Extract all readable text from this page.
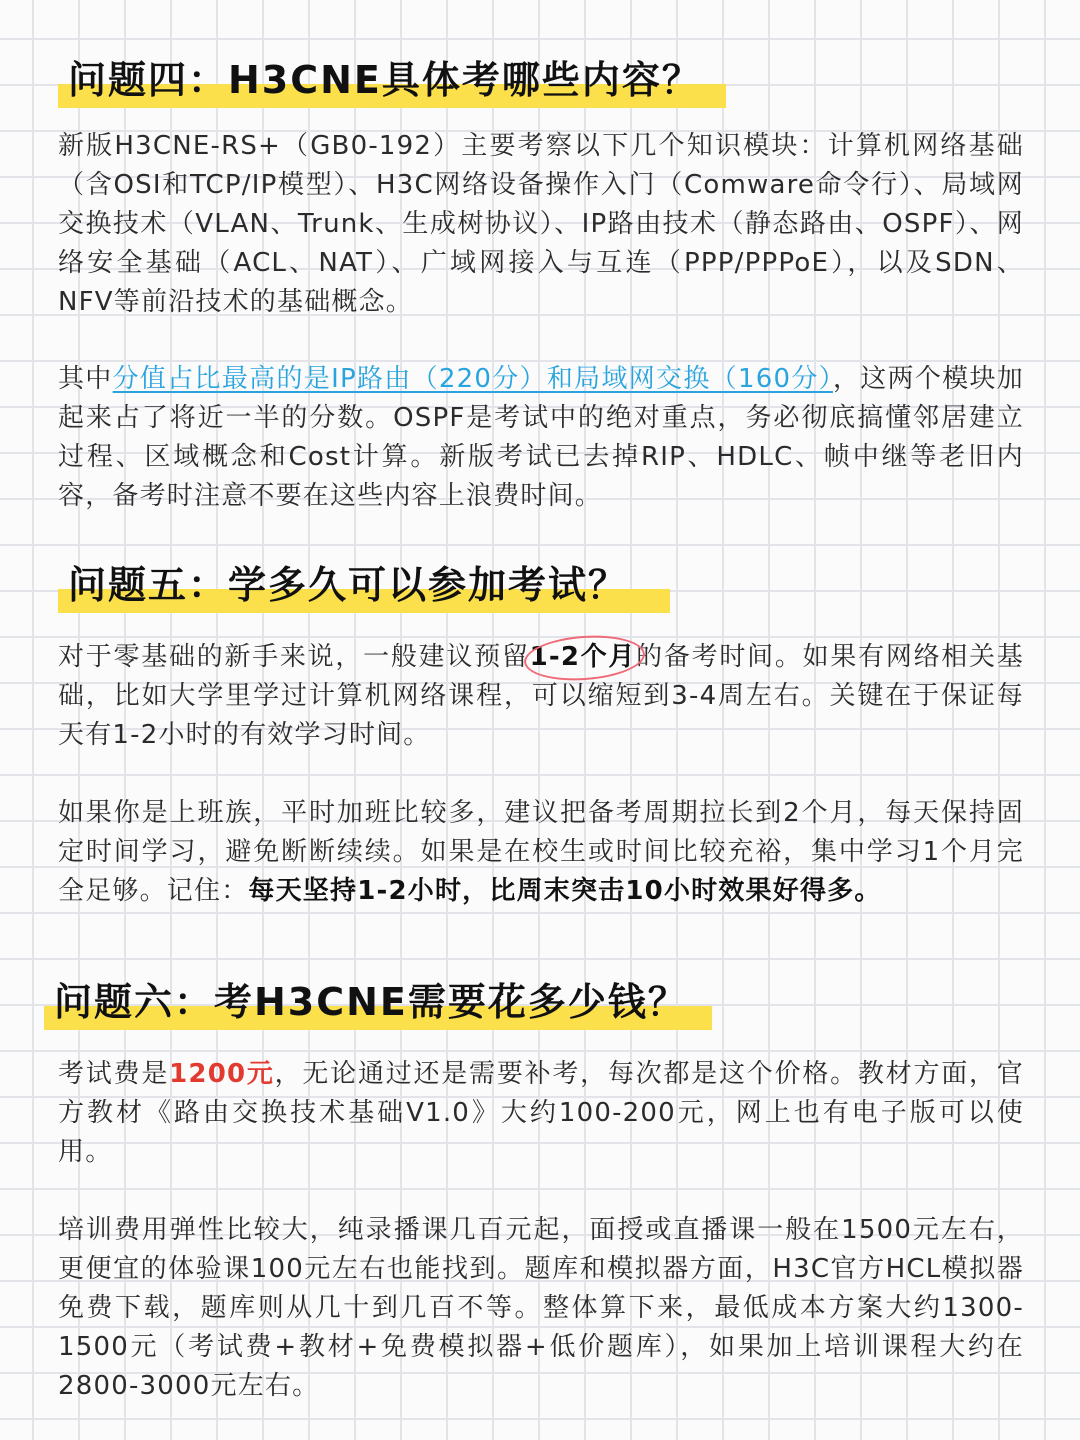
问题四：H3CNE具体考哪些内容？

新版H3CNE-RS+（GB0-192）主要考察以下几个知识模块：计算机网络基础（含OSI和TCP/IP模型）、H3C网络设备操作入门（Comware命令行）、局域网交换技术（VLAN、Trunk、生成树协议）、IP路由技术（静态路由、OSPF）、网络安全基础（ACL、NAT）、广域网接入与互连（PPP/PPPoE），以及SDN、NFV等前沿技术的基础概念。

其中分值占比最高的是IP路由（220分）和局域网交换（160分），这两个模块加起来占了将近一半的分数。OSPF是考试中的绝对重点，务必彻底搞懂邻居建立过程、区域概念和Cost计算。新版考试已去掉RIP、HDLC、帧中继等老旧内容，备考时注意不要在这些内容上浪费时间。

问题五：学多久可以参加考试？

对于零基础的新手来说，一般建议预留1-2个月的备考时间。如果有网络相关基础，比如大学里学过计算机网络课程，可以缩短到3-4周左右。关键在于保证每天有1-2小时的有效学习时间。

如果你是上班族，平时加班比较多，建议把备考周期拉长到2个月，每天保持固定时间学习，避免断断续续。如果是在校生或时间比较充裕，集中学习1个月完全足够。记住：每天坚持1-2小时，比周末突击10小时效果好得多。

问题六：考H3CNE需要花多少钱？

考试费是1200元，无论通过还是需要补考，每次都是这个价格。教材方面，官方教材《路由交换技术基础V1.0》大约100-200元，网上也有电子版可以使用。

培训费用弹性比较大，纯录播课几百元起，面授或直播课一般在1500元左右，更便宜的体验课100元左右也能找到。题库和模拟器方面，H3C官方HCL模拟器免费下载，题库则从几十到几百不等。整体算下来，最低成本方案大约1300-1500元（考试费+教材+免费模拟器+低价题库），如果加上培训课程大约在2800-3000元左右。
